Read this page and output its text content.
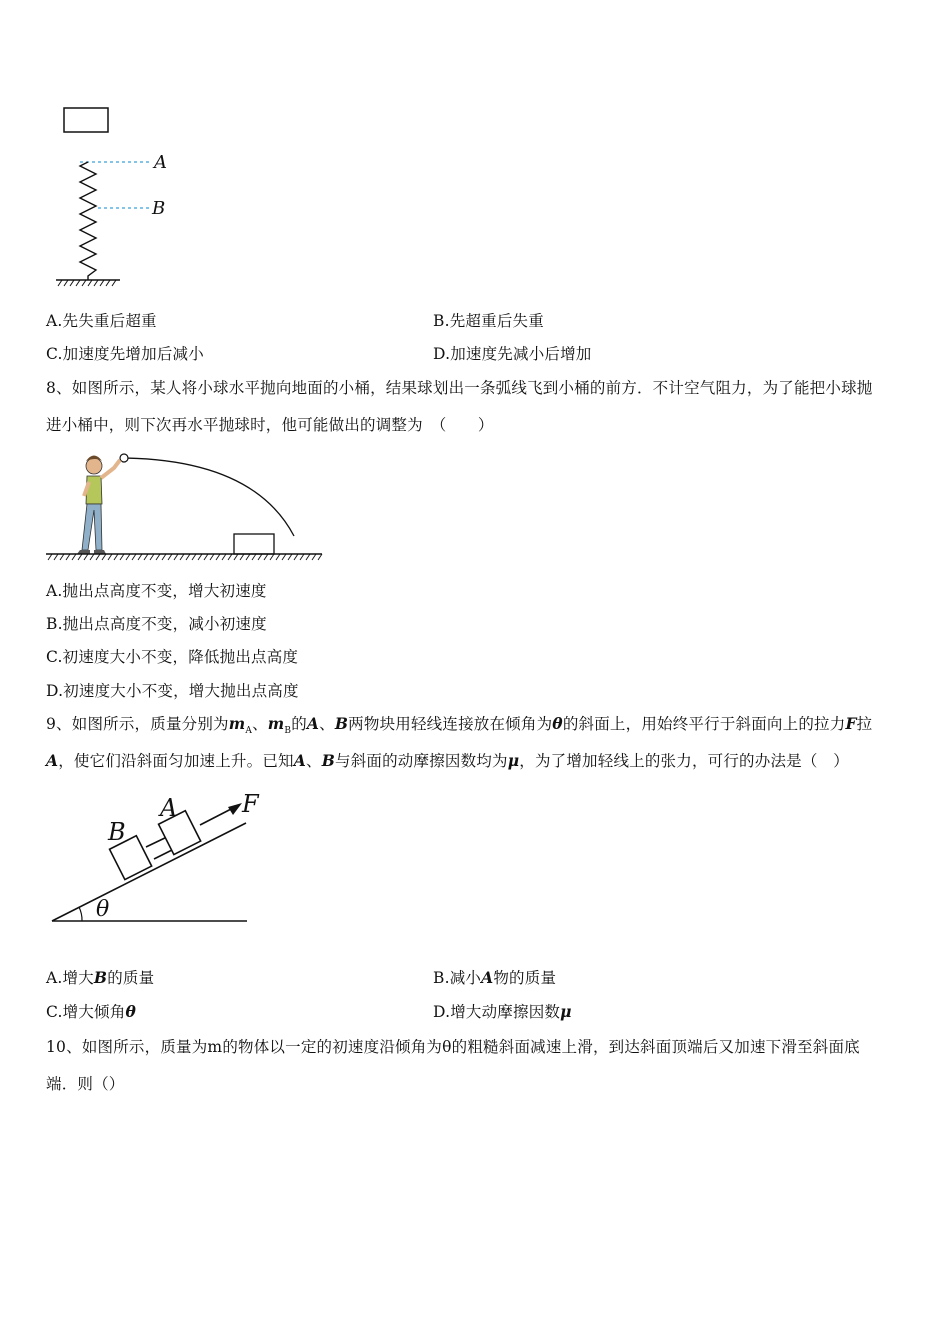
A
B
A.先失重后超重	B.先超重后失重
C.加速度先增加后减小	D.加速度先减小后增加
8、如图所示，某人将小球水平抛向地面的小桶，结果球划出一条弧线飞到小桶的前方．不计空气阻力，为了能把小球抛
进小桶中，则下次再水平抛球时，他可能做出的调整为　（　　）
A.抛出点高度不变，增大初速度
B.抛出点高度不变，减小初速度
C.初速度大小不变，降低抛出点高度
D.初速度大小不变，增大抛出点高度
9、如图所示，质量分别为$m_A$、$m_B$的A、B两物块用轻线连接放在倾角为θ的斜面上，用始终平行于斜面向上的拉力F拉
A，使它们沿斜面匀加速上升。已知A、B与斜面的动摩擦因数均为μ，为了增加轻线上的张力，可行的办法是（　）
B
A	F
θ
A.增大B的质量	B.减小A物的质量
C.增大倾角θ	D.增大动摩擦因数μ
10、如图所示，质量为m的物体以一定的初速度沿倾角为θ的粗糙斜面减速上滑，到达斜面顶端后又加速下滑至斜面底
端．则（）
